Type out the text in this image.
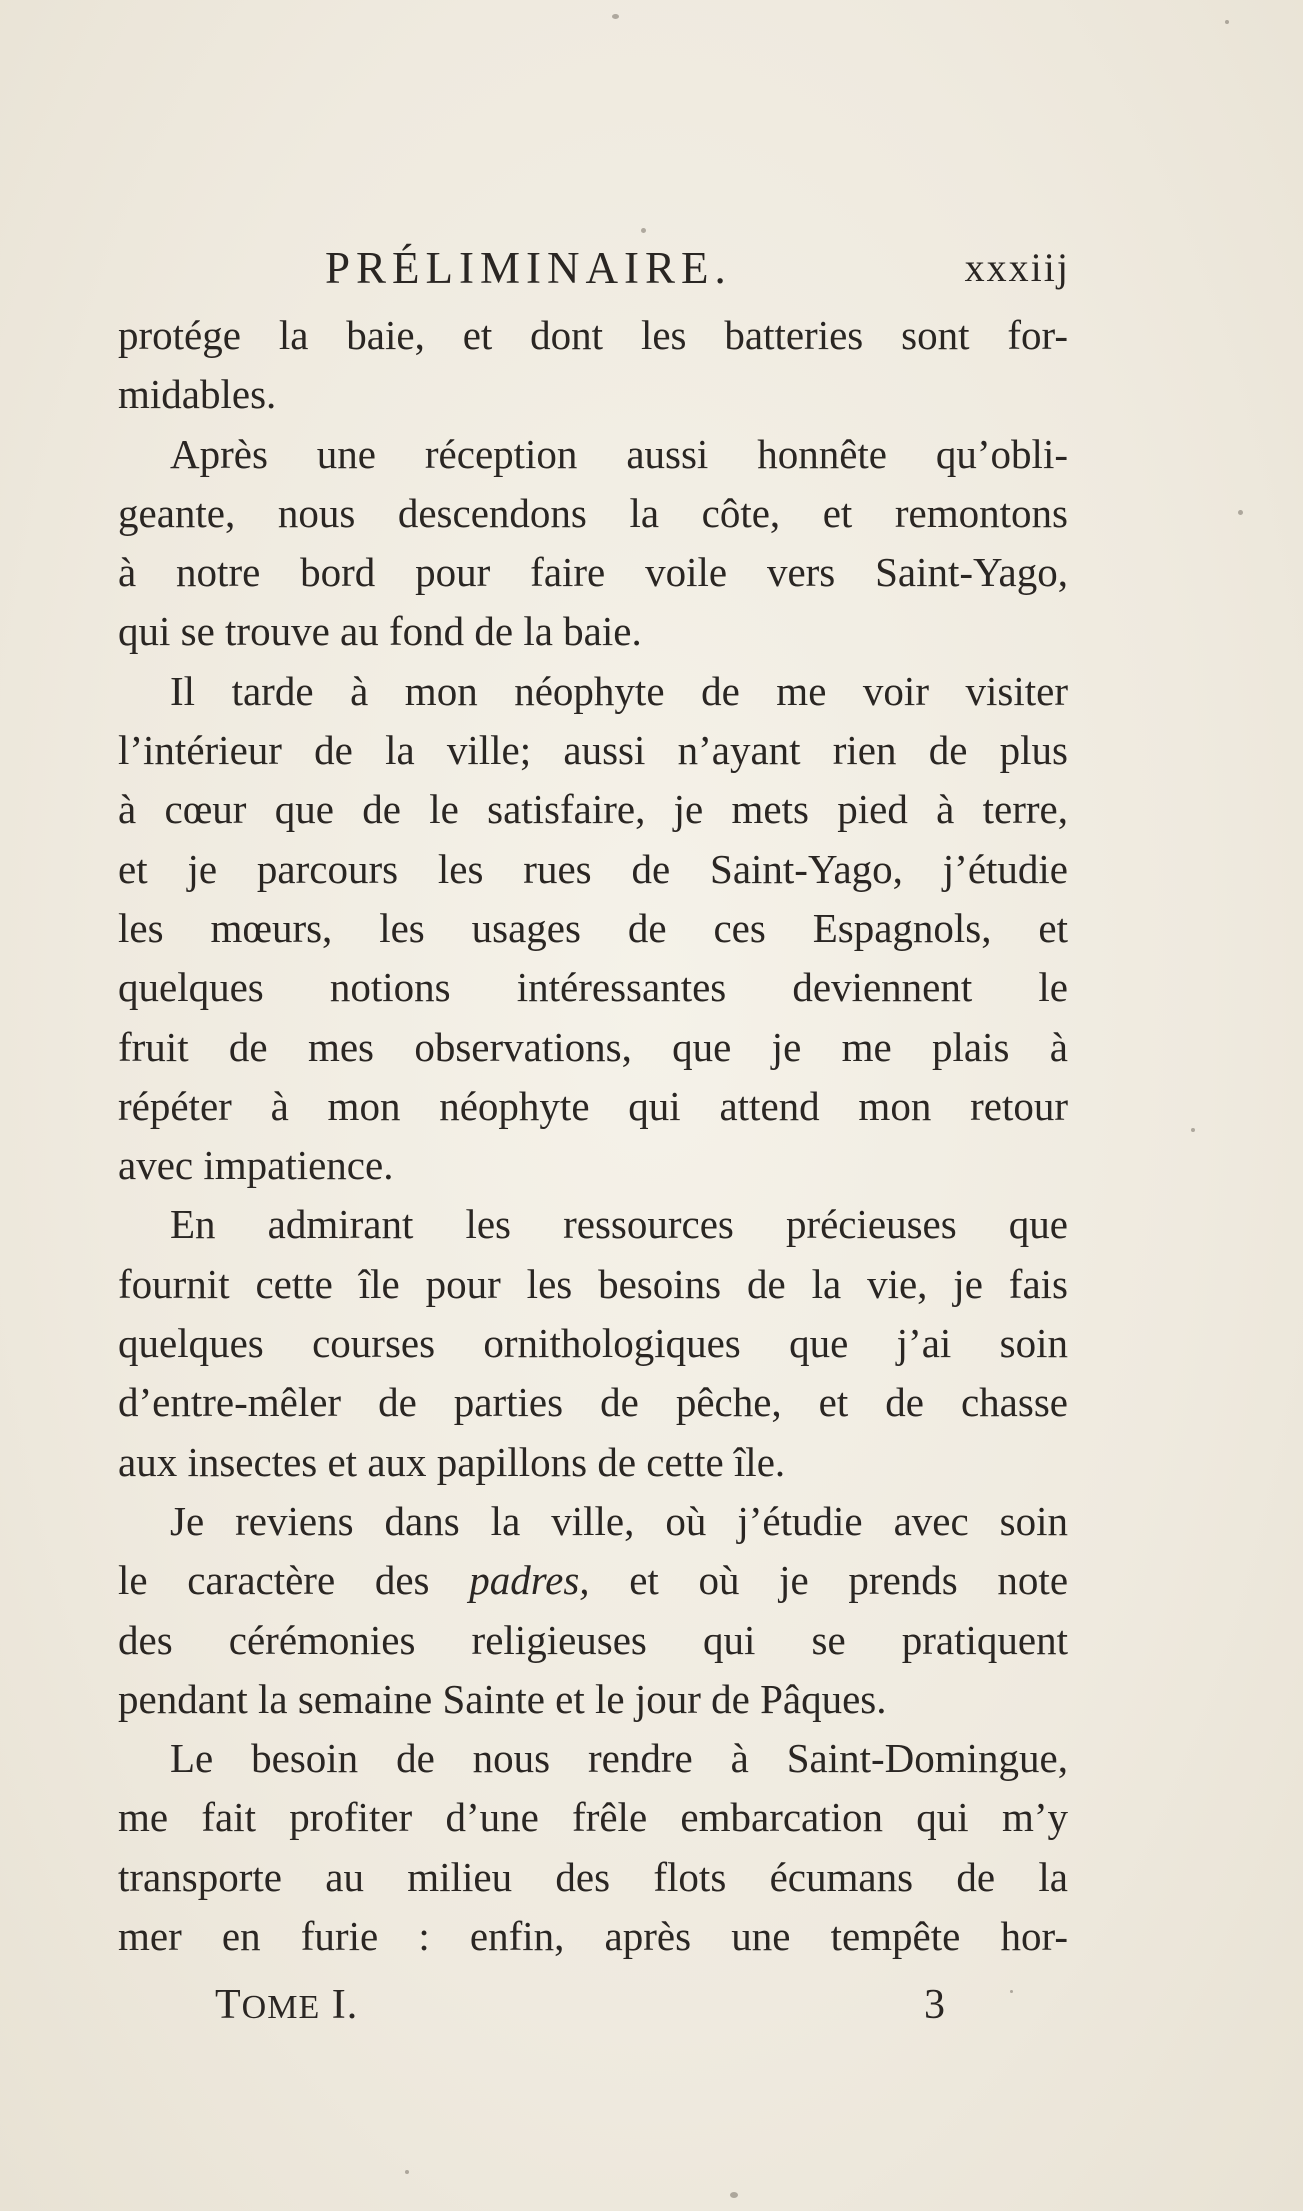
PRÉLIMINAIRE.	xxxiij
protége la baie, et dont les batteries sont for-
midables.
Après une réception aussi honnête qu’obli-
geante, nous descendons la côte, et remontons
à notre bord pour faire voile vers Saint-Yago,
qui se trouve au fond de la baie.
Il tarde à mon néophyte de me voir visiter
l’intérieur de la ville; aussi n’ayant rien de plus
à cœur que de le satisfaire, je mets pied à terre,
et je parcours les rues de Saint-Yago, j’étudie
les mœurs, les usages de ces Espagnols, et
quelques notions intéressantes deviennent le
fruit de mes observations, que je me plais à
répéter à mon néophyte qui attend mon retour
avec impatience.
En admirant les ressources précieuses que
fournit cette île pour les besoins de la vie, je fais
quelques courses ornithologiques que j’ai soin
d’entre-mêler de parties de pêche, et de chasse
aux insectes et aux papillons de cette île.
Je reviens dans la ville, où j’étudie avec soin
le caractère des padres, et où je prends note
des cérémonies religieuses qui se pratiquent
pendant la semaine Sainte et le jour de Pâques.
Le besoin de nous rendre à Saint-Domingue,
me fait profiter d’une frêle embarcation qui m’y
transporte au milieu des flots écumans de la
mer en furie : enfin, après une tempête hor-
TOME I.	3
